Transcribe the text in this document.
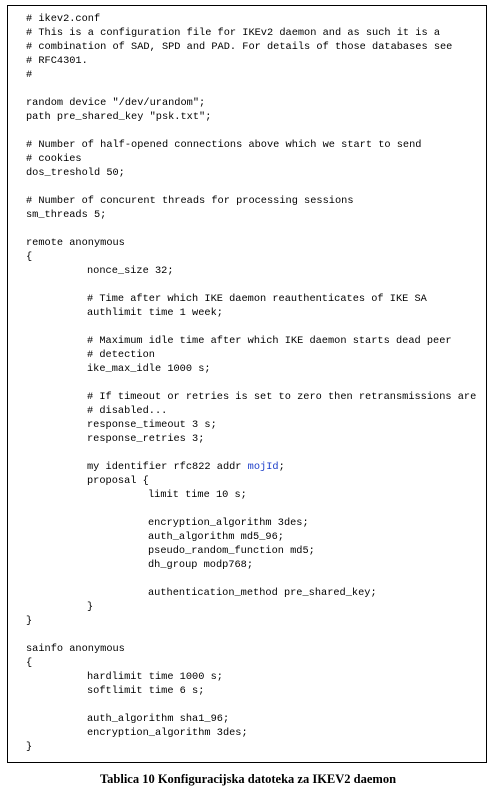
# ikev2.conf
# This is a configuration file for IKEv2 daemon and as such it is a
# combination of SAD, SPD and PAD. For details of those databases see
# RFC4301.
#
random device "/dev/urandom";
path pre_shared_key "psk.txt";
# Number of half-opened connections above which we start to send
# cookies
dos_treshold 50;
# Number of concurent threads for processing sessions
sm_threads 5;
remote anonymous
{
nonce_size 32;
# Time after which IKE daemon reauthenticates of IKE SA
authlimit time 1 week;
# Maximum idle time after which IKE daemon starts dead peer
# detection
ike_max_idle 1000 s;
# If timeout or retries is set to zero then retransmissions are
# disabled...
response_timeout 3 s;
response_retries 3;
my identifier rfc822 addr mojId;
proposal {
limit time 10 s;
encryption_algorithm 3des;
auth_algorithm md5_96;
pseudo_random_function md5;
dh_group modp768;
authentication_method pre_shared_key;
}
}
sainfo anonymous
{
hardlimit time 1000 s;
softlimit time 6 s;
auth_algorithm sha1_96;
encryption_algorithm 3des;
}
Tablica 10 Konfiguracijska datoteka za IKEV2 daemon
